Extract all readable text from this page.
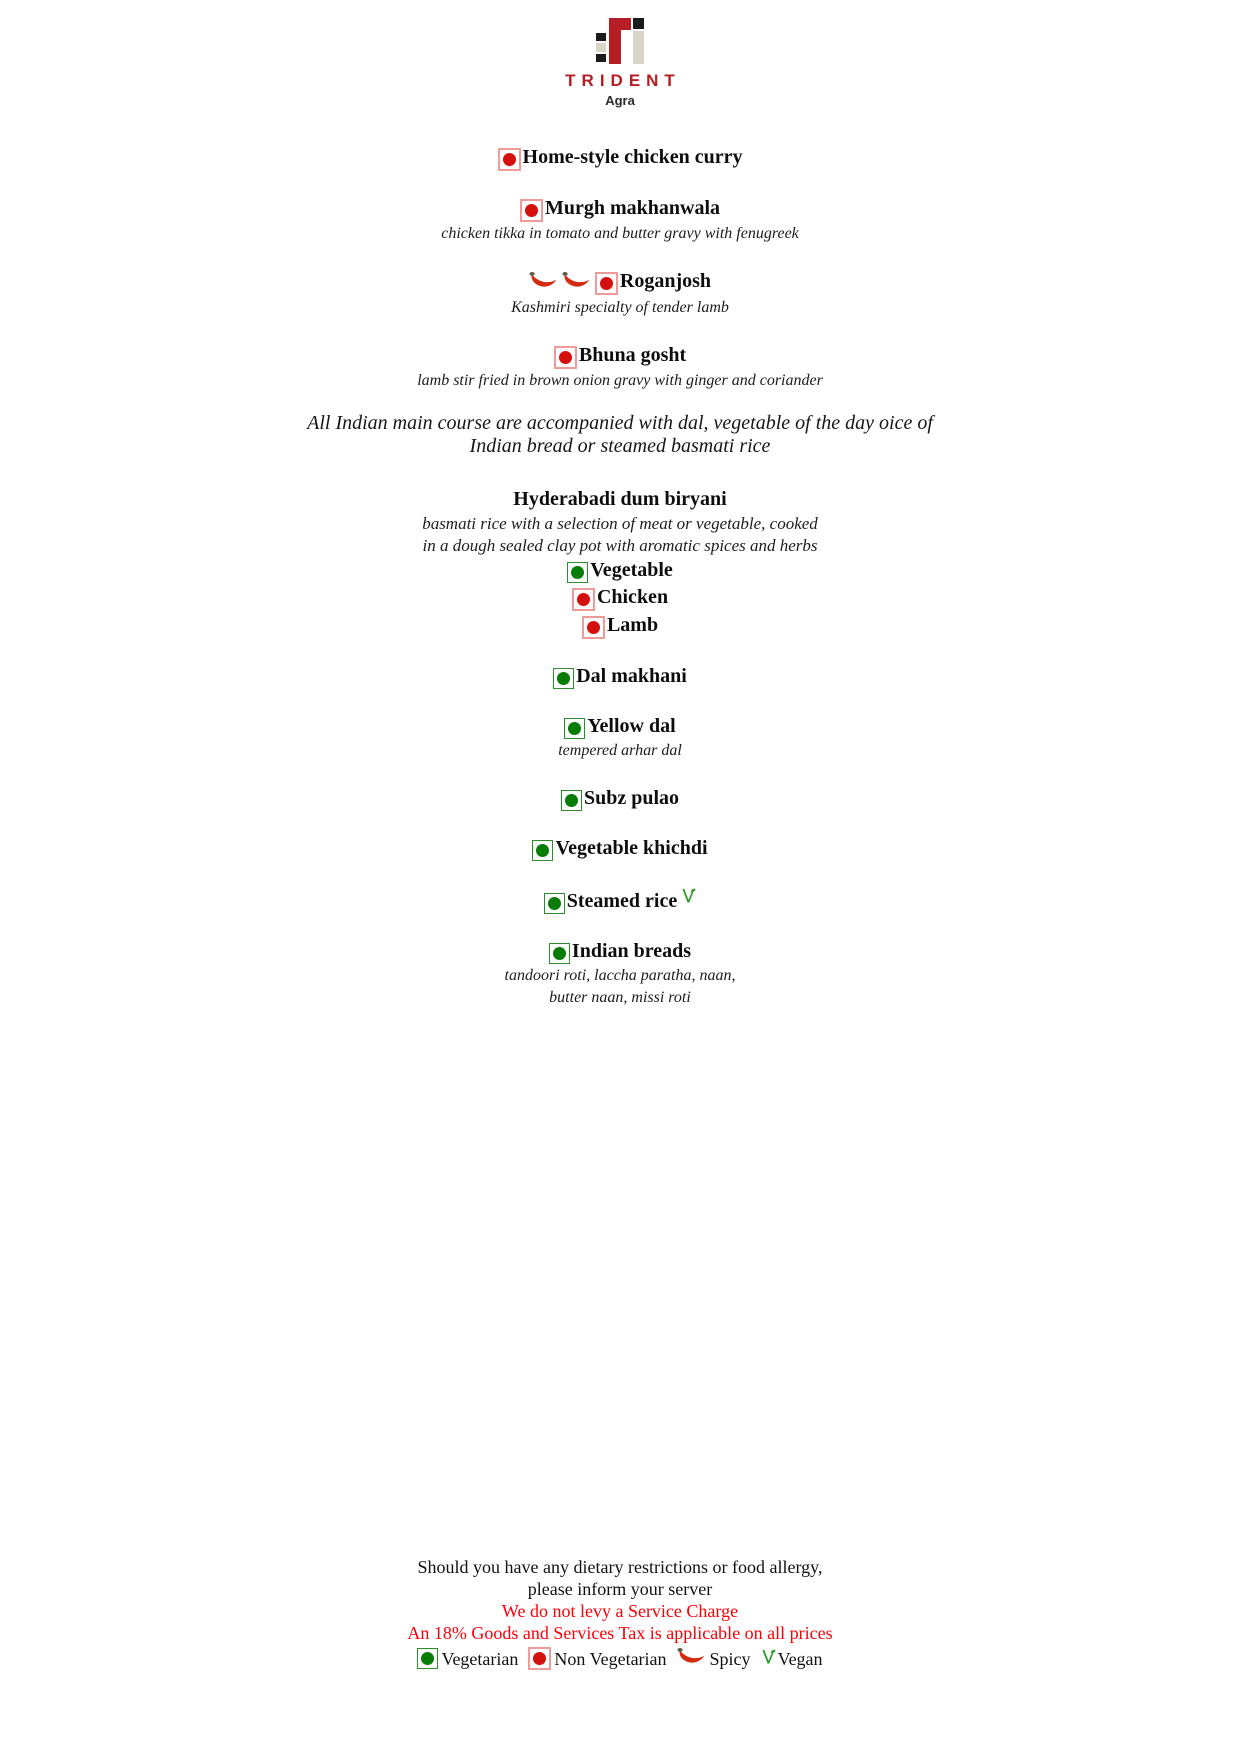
TRIDENT
Agra
Home-style chicken curry
Murgh makhanwala
chicken tikka in tomato and butter gravy with fenugreek
Roganjosh
Kashmiri specialty of tender lamb
Bhuna gosht
lamb stir fried in brown onion gravy with ginger and coriander
All Indian main course are accompanied with dal, vegetable of the day oice of
Indian bread or steamed basmati rice
Hyderabadi dum biryani
basmati rice with a selection of meat or vegetable, cooked
in a dough sealed clay pot with aromatic spices and herbs
Vegetable
Chicken
Lamb
Dal makhani
Yellow dal
tempered arhar dal
Subz pulao
Vegetable khichdi
Steamed rice
Indian breads
tandoori roti, laccha paratha, naan,
butter naan, missi roti
Should you have any dietary restrictions or food allergy,
please inform your server
We do not levy a Service Charge
An 18% Goods and Services Tax is applicable on all prices
Vegetarian Non Vegetarian Spicy Vegan
